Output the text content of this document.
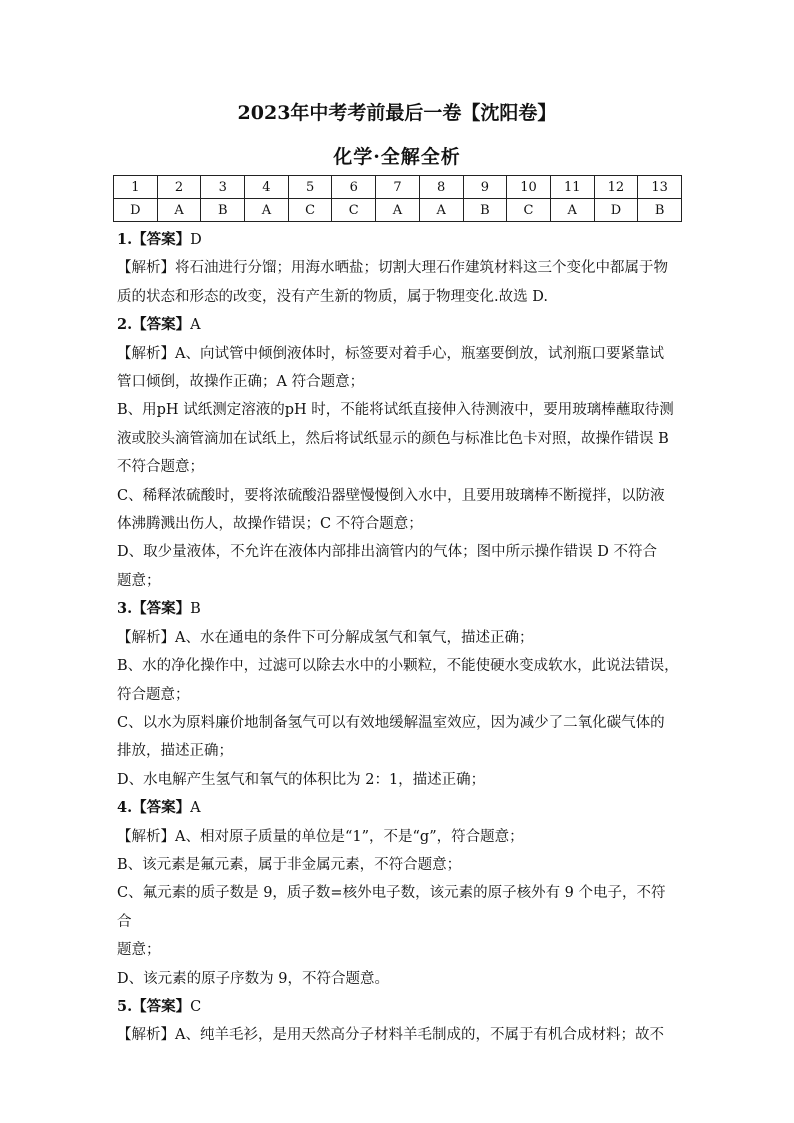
2023年中考考前最后一卷【沈阳卷】
化学·全解全析
1	2	3	4	5	6	7	8	9	10	11	12	13
D	A	B	A	C	C	A	A	B	C	A	D	B

1.【答案】D

【解析】将石油进行分馏；用海水晒盐；切割大理石作建筑材料这三个变化中都属于物

质的状态和形态的改变，没有产生新的物质，属于物理变化.故选 D.

2.【答案】A

【解析】A、向试管中倾倒液体时，标签要对着手心，瓶塞要倒放，试剂瓶口要紧靠试

管口倾倒，故操作正确；A 符合题意；

B、用pH 试纸测定溶液的pH 时，不能将试纸直接伸入待测液中，要用玻璃棒蘸取待测

液或胶头滴管滴加在试纸上，然后将试纸显示的颜色与标准比色卡对照，故操作错误 B

不符合题意；

C、稀释浓硫酸时，要将浓硫酸沿器壁慢慢倒入水中，且要用玻璃棒不断搅拌，以防液

体沸腾溅出伤人，故操作错误；C 不符合题意；

D、取少量液体，不允许在液体内部排出滴管内的气体；图中所示操作错误 D 不符合

题意；

3.【答案】B

【解析】A、水在通电的条件下可分解成氢气和氧气，描述正确；

B、水的净化操作中，过滤可以除去水中的小颗粒，不能使硬水变成软水，此说法错误，

符合题意；

C、以水为原料廉价地制备氢气可以有效地缓解温室效应，因为减少了二氧化碳气体的

排放，描述正确；

D、水电解产生氢气和氧气的体积比为 2：1，描述正确；

4.【答案】A

【解析】A、相对原子质量的单位是“1”，不是“g”，符合题意；

B、该元素是氟元素，属于非金属元素，不符合题意；

C、氟元素的质子数是 9，质子数=核外电子数，该元素的原子核外有 9 个电子，不符合

题意；

D、该元素的原子序数为 9，不符合题意。

5.【答案】C

【解析】A、纯羊毛衫，是用天然高分子材料羊毛制成的，不属于有机合成材料；故不
